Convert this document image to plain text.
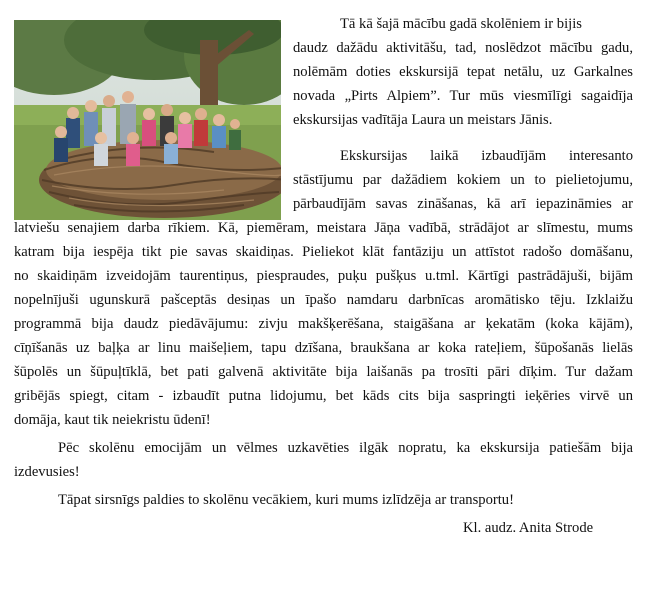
Tā kā šajā mācību gadā skolēniem ir bijis
daudz dažādu aktivitāšu, tad, noslēdzot mācību gadu,
nolēmām doties ekskursijā tepat netālu, uz Garkalnes
novada „Pirts Alpiem”. Tur mūs viesmīlīgi sagaidīja
ekskursijas vadītāja Laura un meistars Jānis.
Ekskursijas laikā izbaudījām interesanto
stāstījumu par dažādiem kokiem un to pielietojumu,
pārbaudījām savas zināšanas, kā arī iepazināmies ar
latviešu senajiem darba rīkiem. Kā, piemēram, meistara Jāņa vadībā, strādājot ar slīmestu, mums
katram bija iespēja tikt pie savas skaidiņas. Pieliekot klāt fantāziju un attīstot radošo domāšanu,
no skaidiņām izveidojām taurentiņus, piespraudes, puķu pušķus u.tml. Kārtīgi pastrādājuši, bijām
nopelnījuši ugunskurā pašceptās desiņas un īpašo namdaru darbnīcas aromātisko tēju. Izklaižu
programmā bija daudz piedāvājumu: zivju makšķerēšana, staigāšana ar ķekatām (koka kājām),
cīņīšanās uz baļķa ar linu maišeļiem, tapu dzīšana, braukšana ar koka rateļiem, šūpošanās lielās
šūpolēs un šūpuļtīklā, bet pati galvenā aktivitāte bija laišanās pa trosīti pāri dīķim. Tur dažam
gribējās spiegt, citam - izbaudīt putna lidojumu, bet kāds cits bija saspringti ieķēries virvē un
domāja, kaut tik neiekristu ūdenī!
Pēc skolēnu emocijām un vēlmes uzkavēties ilgāk nopratu, ka ekskursija patiešām bija
izdevusies!
Tāpat sirsnīgs paldies to skolēnu vecākiem, kuri mums izlīdzēja ar transportu!
Kl. audz. Anita Strode
